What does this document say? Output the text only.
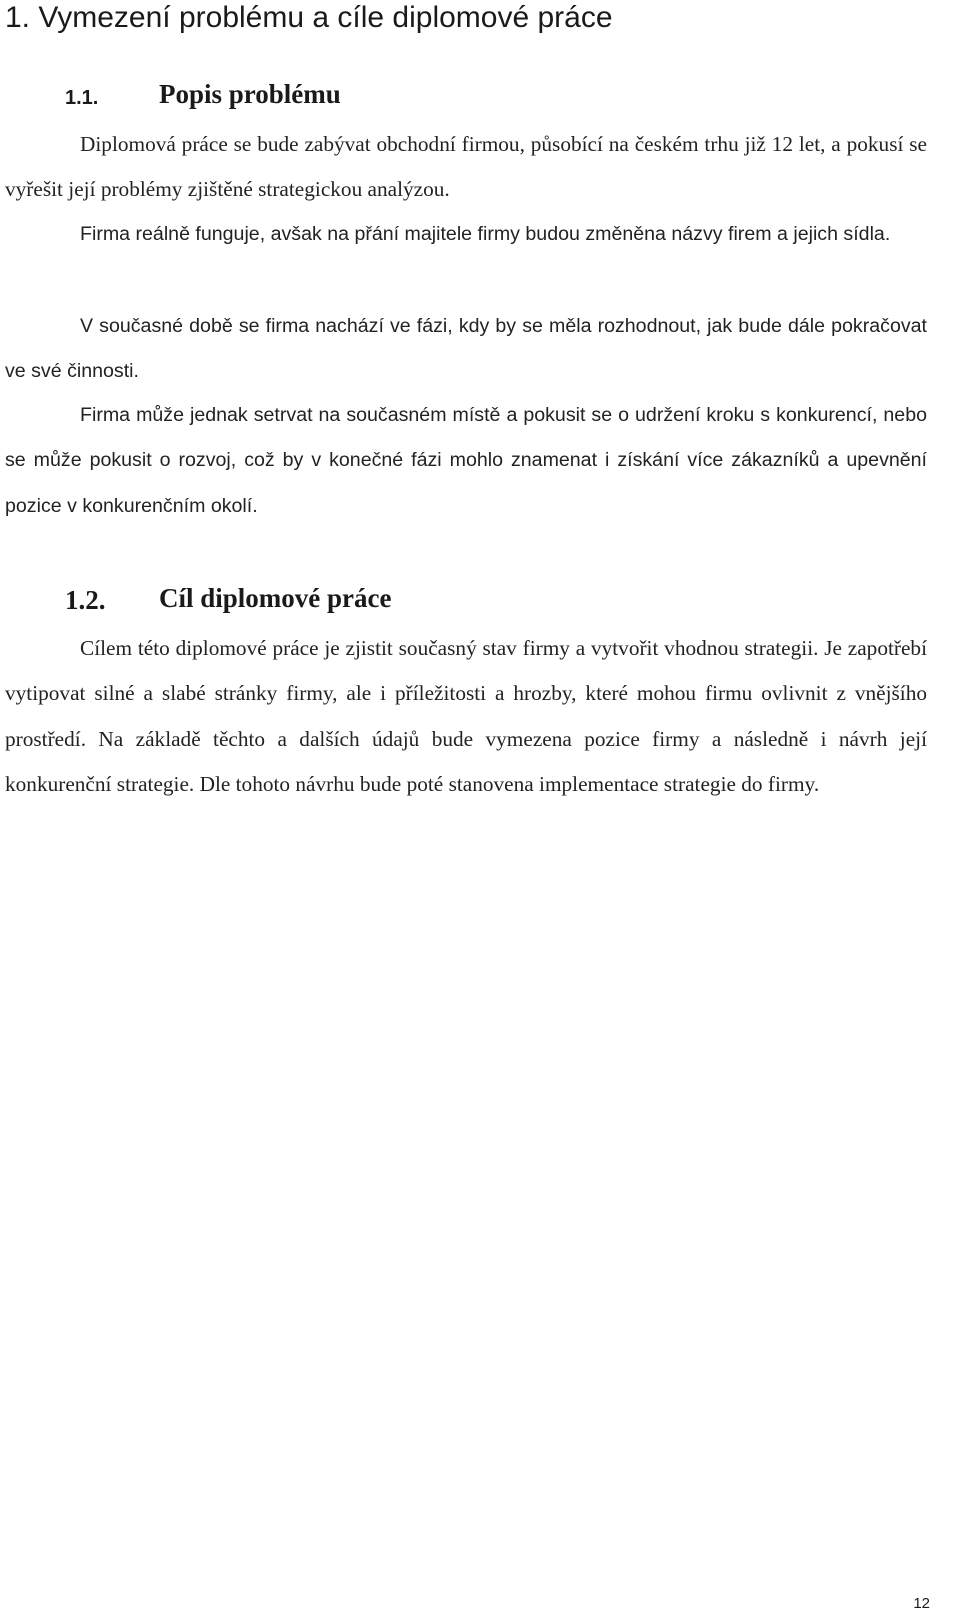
1. Vymezení problému a cíle diplomové práce
1.1. Popis problému

Diplomová práce se bude zabývat obchodní firmou, působící na českém trhu již 12 let, a pokusí se vyřešit její problémy zjištěné strategickou analýzou.

Firma reálně funguje, avšak na přání majitele firmy budou změněna názvy firem a jejich sídla.

V současné době se firma nachází ve fázi, kdy by se měla rozhodnout, jak bude dále pokračovat ve své činnosti.

Firma může jednak setrvat na současném místě a pokusit se o udržení kroku s konkurencí, nebo se může pokusit o rozvoj, což by v konečné fázi mohlo znamenat i získání více zákazníků a upevnění pozice v konkurenčním okolí.

1.2. Cíl diplomové práce

Cílem této diplomové práce je zjistit současný stav firmy a vytvořit vhodnou strategii. Je zapotřebí vytipovat silné a slabé stránky firmy, ale i příležitosti a hrozby, které mohou firmu ovlivnit z vnějšího prostředí. Na základě těchto a dalších údajů bude vymezena pozice firmy a následně i návrh její konkurenční strategie. Dle tohoto návrhu bude poté stanovena implementace strategie do firmy.

12
